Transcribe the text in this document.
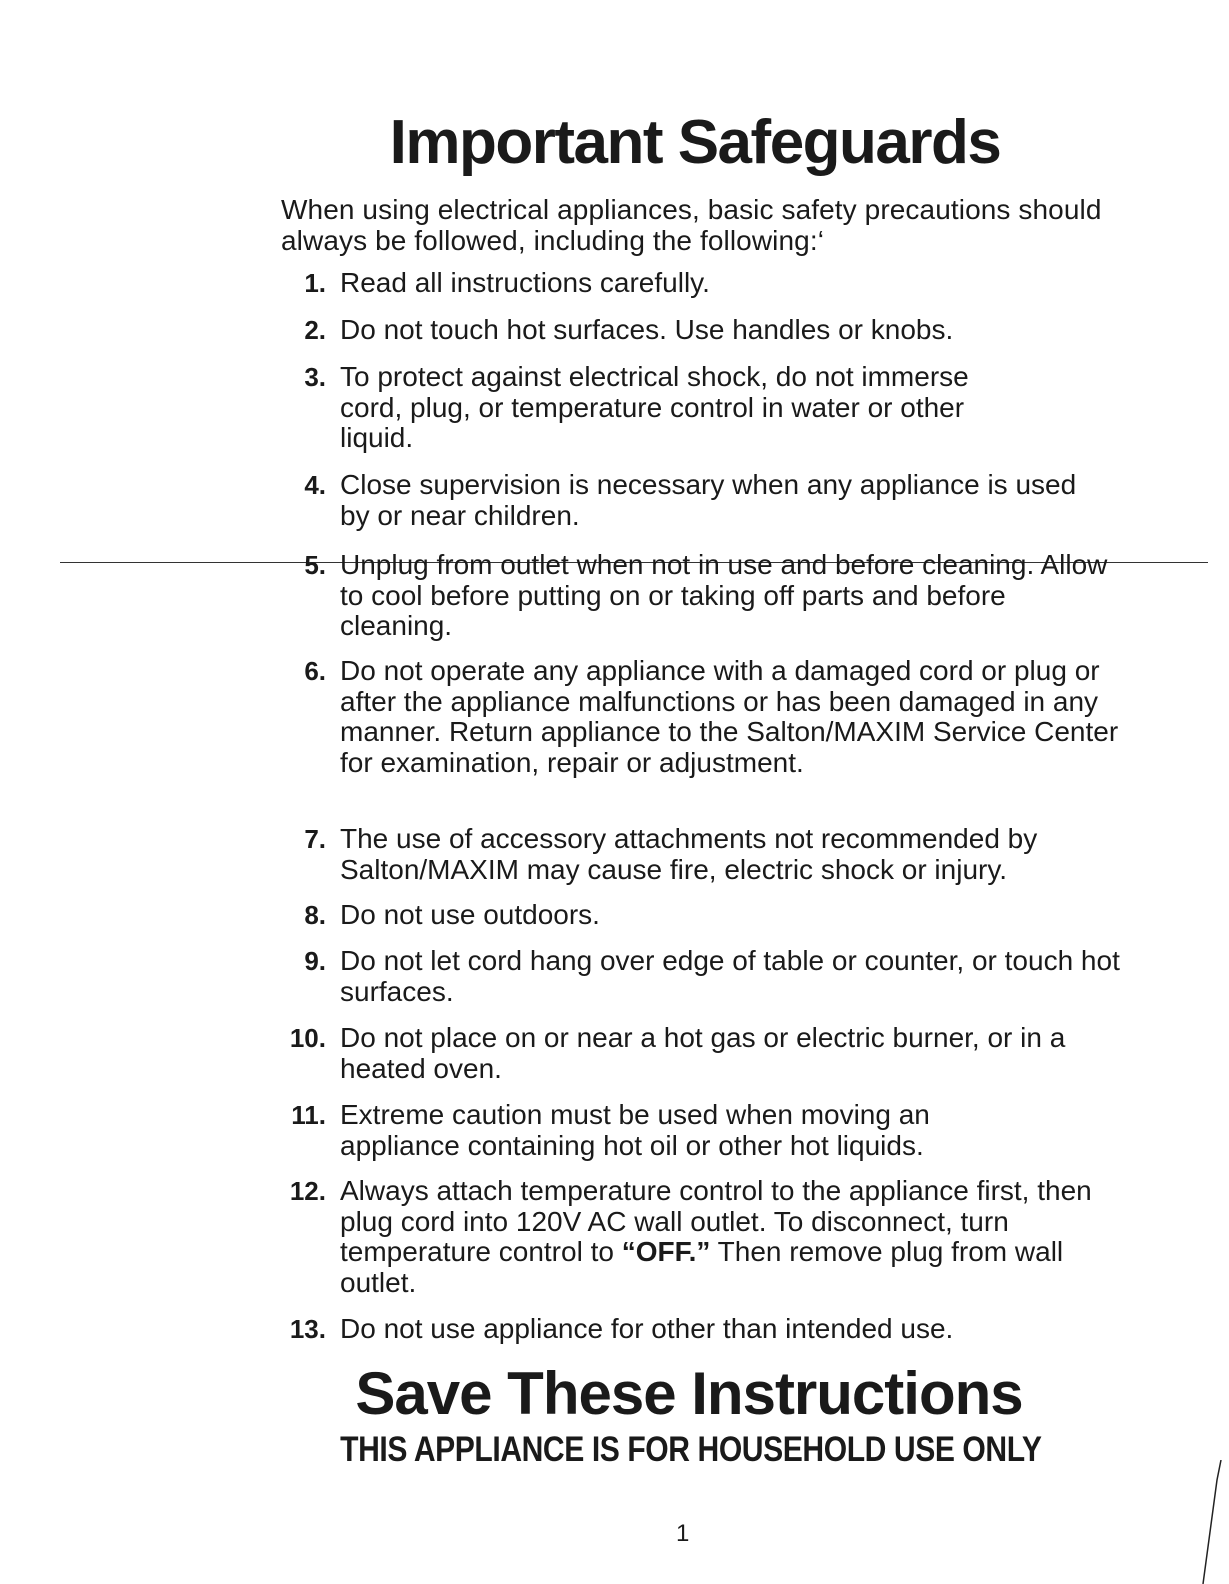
Important Safeguards

When using electrical appliances, basic safety precautions should always be followed, including the following:‘

1. Read all instructions carefully.
2. Do not touch hot surfaces. Use handles or knobs.
3. To protect against electrical shock, do not immerse cord, plug, or temperature control in water or other liquid.
4. Close supervision is necessary when any appliance is used by or near children.
5. Unplug from outlet when not in use and before cleaning. Allow to cool before putting on or taking off parts and before cleaning.
6. Do not operate any appliance with a damaged cord or plug or after the appliance malfunctions or has been damaged in any manner. Return appliance to the Salton/MAXIM Service Center for examination, repair or adjustment.
7. The use of accessory attachments not recommended by Salton/MAXIM may cause fire, electric shock or injury.
8. Do not use outdoors.
9. Do not let cord hang over edge of table or counter, or touch hot surfaces.
10. Do not place on or near a hot gas or electric burner, or in a heated oven.
11. Extreme caution must be used when moving an appliance containing hot oil or other hot liquids.
12. Always attach temperature control to the appliance first, then plug cord into 120V AC wall outlet. To disconnect, turn temperature control to “OFF.” Then remove plug from wall outlet.
13. Do not use appliance for other than intended use.
Save These Instructions

THIS APPLIANCE IS FOR HOUSEHOLD USE ONLY

1
